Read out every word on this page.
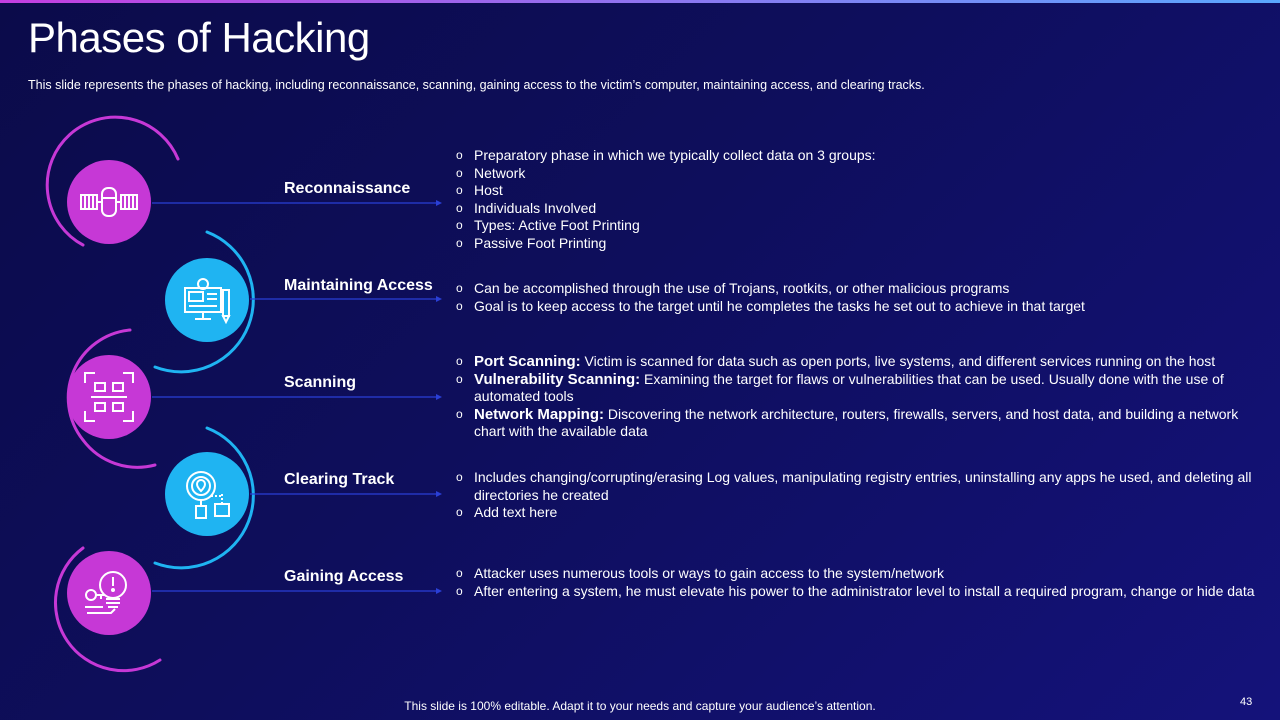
Phases of Hacking

This slide represents the phases of hacking, including reconnaissance, scanning, gaining access to the victim’s computer, maintaining access, and clearing tracks.

Reconnaissance

Maintaining Access

Scanning

Clearing Track

Gaining Access

o Preparatory phase in which we typically collect data on 3 groups:
o Network
o Host
o Individuals Involved
o Types: Active Foot Printing
o Passive Foot Printing
o Can be accomplished through the use of Trojans, rootkits, or other malicious programs
o Goal is to keep access to the target until he completes the tasks he set out to achieve in that target
o Port Scanning: Victim is scanned for data such as open ports, live systems, and different services running on the host
o Vulnerability Scanning: Examining the target for flaws or vulnerabilities that can be used. Usually done with the use of automated tools
o Network Mapping: Discovering the network architecture, routers, firewalls, servers, and host data, and building a network chart with the available data
o Includes changing/corrupting/erasing Log values, manipulating registry entries, uninstalling any apps he used, and deleting all directories he created
o Add text here
o Attacker uses numerous tools or ways to gain access to the system/network
o After entering a system, he must elevate his power to the administrator level to install a required program, change or hide data

This slide is 100% editable. Adapt it to your needs and capture your audience’s attention.	43
